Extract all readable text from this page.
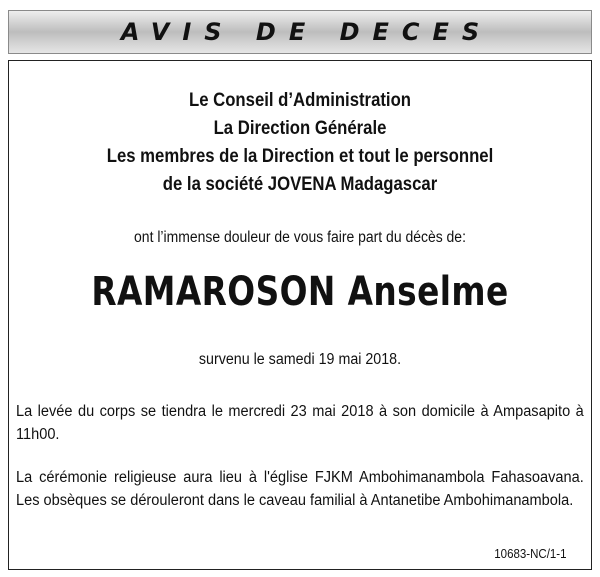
AVIS DE DECES
Le Conseil d’Administration
La Direction Générale
Les membres de la Direction et tout le personnel
de la société JOVENA Madagascar
ont l’immense douleur de vous faire part du décès de:
RAMAROSON Anselme
survenu le samedi 19 mai 2018.
La levée du corps se tiendra le mercredi 23 mai 2018 à son domicile à Ampasapito à 11h00.
La cérémonie religieuse aura lieu à l'église FJKM Ambohimanambola Fahasoavana. Les obsèques se dérouleront dans le caveau familial à Antanetibe Ambohimanambola.
10683-NC/1-1
